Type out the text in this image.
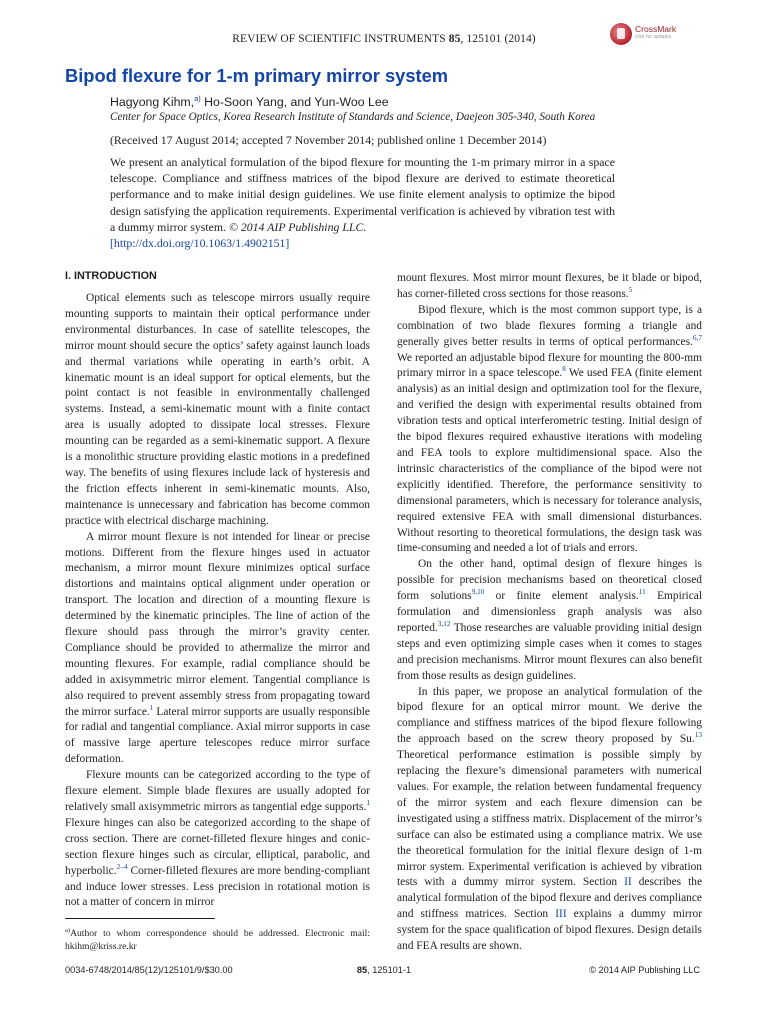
REVIEW OF SCIENTIFIC INSTRUMENTS 85, 125101 (2014)
CrossMark
click for updates
Bipod flexure for 1-m primary mirror system
Hagyong Kihm,$^{a)}$ Ho-Soon Yang, and Yun-Woo Lee
Center for Space Optics, Korea Research Institute of Standards and Science, Daejeon 305-340, South Korea
(Received 17 August 2014; accepted 7 November 2014; published online 1 December 2014)
We present an analytical formulation of the bipod flexure for mounting the 1-m primary mirror in a space telescope. Compliance and stiffness matrices of the bipod flexure are derived to estimate theoretical performance and to make initial design guidelines. We use finite element analysis to optimize the bipod design satisfying the application requirements. Experimental verification is achieved by vibration test with a dummy mirror system. © 2014 AIP Publishing LLC.
[http://dx.doi.org/10.1063/1.4902151]
I. INTRODUCTION

Optical elements such as telescope mirrors usually require mounting supports to maintain their optical performance under environmental disturbances. In case of satellite telescopes, the mirror mount should secure the optics’ safety against launch loads and thermal variations while operating in earth’s orbit. A kinematic mount is an ideal support for optical elements, but the point contact is not feasible in environmentally challenged systems. Instead, a semi-kinematic mount with a finite contact area is usually adopted to dissipate local stresses. Flexure mounting can be regarded as a semi-kinematic support. A flexure is a monolithic structure providing elastic motions in a predefined way. The benefits of using flexures include lack of hysteresis and the friction effects inherent in semi-kinematic mounts. Also, maintenance is unnecessary and fabrication has become common practice with electrical discharge machining.

A mirror mount flexure is not intended for linear or precise motions. Different from the flexure hinges used in actuator mechanism, a mirror mount flexure minimizes optical surface distortions and maintains optical alignment under operation or transport. The location and direction of a mounting flexure is determined by the kinematic principles. The line of action of the flexure should pass through the mirror’s gravity center. Compliance should be provided to athermalize the mirror and mounting flexures. For example, radial compliance should be added in axisymmetric mirror element. Tangential compliance is also required to prevent assembly stress from propagating toward the mirror surface.$^1$ Lateral mirror supports are usually responsible for radial and tangential compliance. Axial mirror supports in case of massive large aperture telescopes reduce mirror surface deformation.

Flexure mounts can be categorized according to the type of flexure element. Simple blade flexures are usually adopted for relatively small axisymmetric mirrors as tangential edge supports.$^1$ Flexure hinges can also be categorized according to the shape of cross section. There are cornet-filleted flexure hinges and conic-section flexure hinges such as circular, elliptical, parabolic, and hyperbolic.$^{2-4}$ Corner-filleted flexures are more bending-compliant and induce lower stresses. Less precision in rotational motion is not a matter of concern in mirror

mount flexures. Most mirror mount flexures, be it blade or bipod, has corner-filleted cross sections for those reasons.$^5$

Bipod flexure, which is the most common support type, is a combination of two blade flexures forming a triangle and generally gives better results in terms of optical performances.$^{6,7}$ We reported an adjustable bipod flexure for mounting the 800-mm primary mirror in a space telescope.$^8$ We used FEA (finite element analysis) as an initial design and optimization tool for the flexure, and verified the design with experimental results obtained from vibration tests and optical interferometric testing. Initial design of the bipod flexures required exhaustive iterations with modeling and FEA tools to explore multidimensional space. Also the intrinsic characteristics of the compliance of the bipod were not explicitly identified. Therefore, the performance sensitivity to dimensional parameters, which is necessary for tolerance analysis, required extensive FEA with small dimensional disturbances. Without resorting to theoretical formulations, the design task was time-consuming and needed a lot of trials and errors.

On the other hand, optimal design of flexure hinges is possible for precision mechanisms based on theoretical closed form solutions$^{9,10}$ or finite element analysis.$^{11}$ Empirical formulation and dimensionless graph analysis was also reported.$^{3,12}$ Those researches are valuable providing initial design steps and even optimizing simple cases when it comes to stages and precision mechanisms. Mirror mount flexures can also benefit from those results as design guidelines.

In this paper, we propose an analytical formulation of the bipod flexure for an optical mirror mount. We derive the compliance and stiffness matrices of the bipod flexure following the approach based on the screw theory proposed by Su.$^{13}$ Theoretical performance estimation is possible simply by replacing the flexure’s dimensional parameters with numerical values. For example, the relation between fundamental frequency of the mirror system and each flexure dimension can be investigated using a stiffness matrix. Displacement of the mirror’s surface can also be estimated using a compliance matrix. We use the theoretical formulation for the initial flexure design of 1-m mirror system. Experimental verification is achieved by vibration tests with a dummy mirror system. Section II describes the analytical formulation of the bipod flexure and derives compliance and stiffness matrices. Section III explains a dummy mirror system for the space qualification of bipod flexures. Design details and FEA results are shown.

$^{a)}$Author to whom correspondence should be addressed. Electronic mail: hkihm@kriss.re.kr
0034-6748/2014/85(12)/125101/9/$30.00	85, 125101-1	© 2014 AIP Publishing LLC
